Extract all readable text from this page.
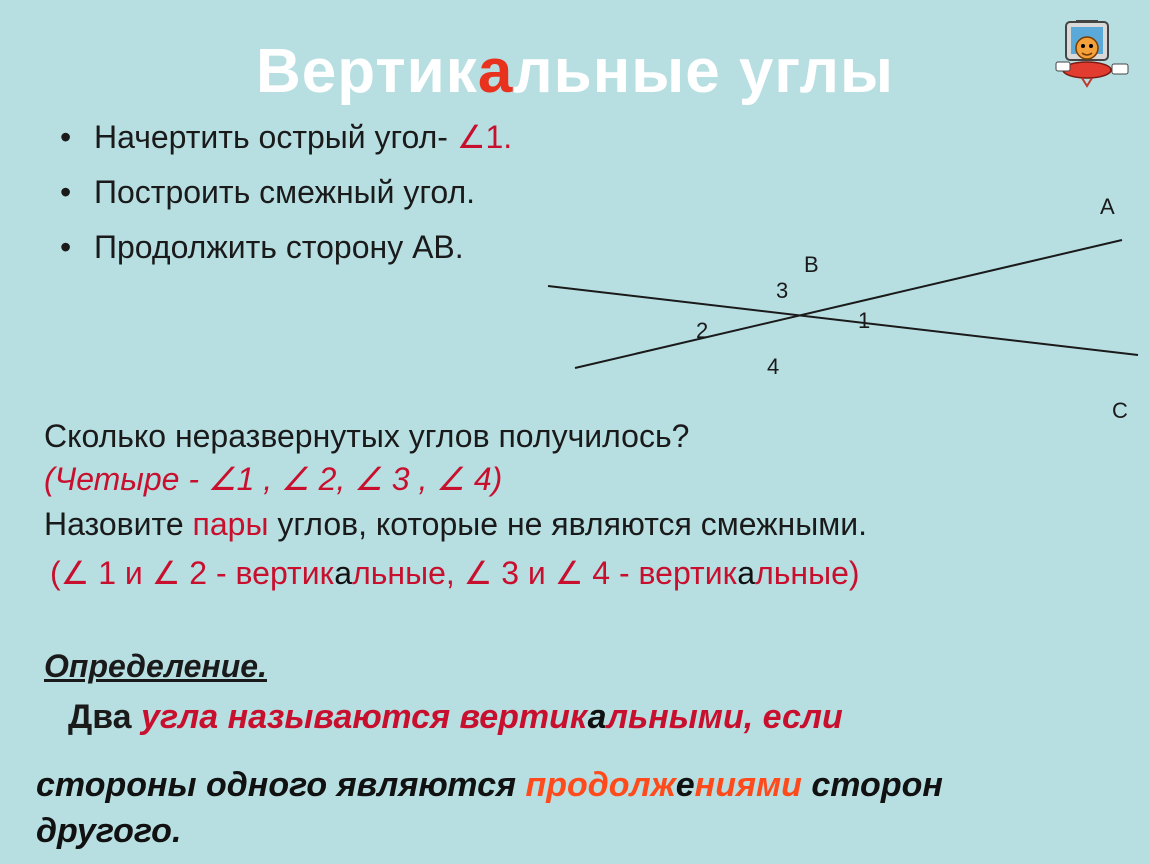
Вертикальные углы
• Начертить острый угол- ∠1.
• Построить смежный угол.
• Продолжить сторону АВ.
A
B
C
1
2
3
4
Сколько неразвернутых углов получилось?
(Четыре - ∠1 , ∠ 2, ∠ 3 , ∠ 4)
Назовите пары углов, которые не являются смежными.
(∠ 1 и ∠ 2 - вертикальные, ∠ 3 и ∠ 4 - вертикальные)
Определение.
Два угла называются вертикальными, если
стороны одного являются продолжениями сторон другого.
